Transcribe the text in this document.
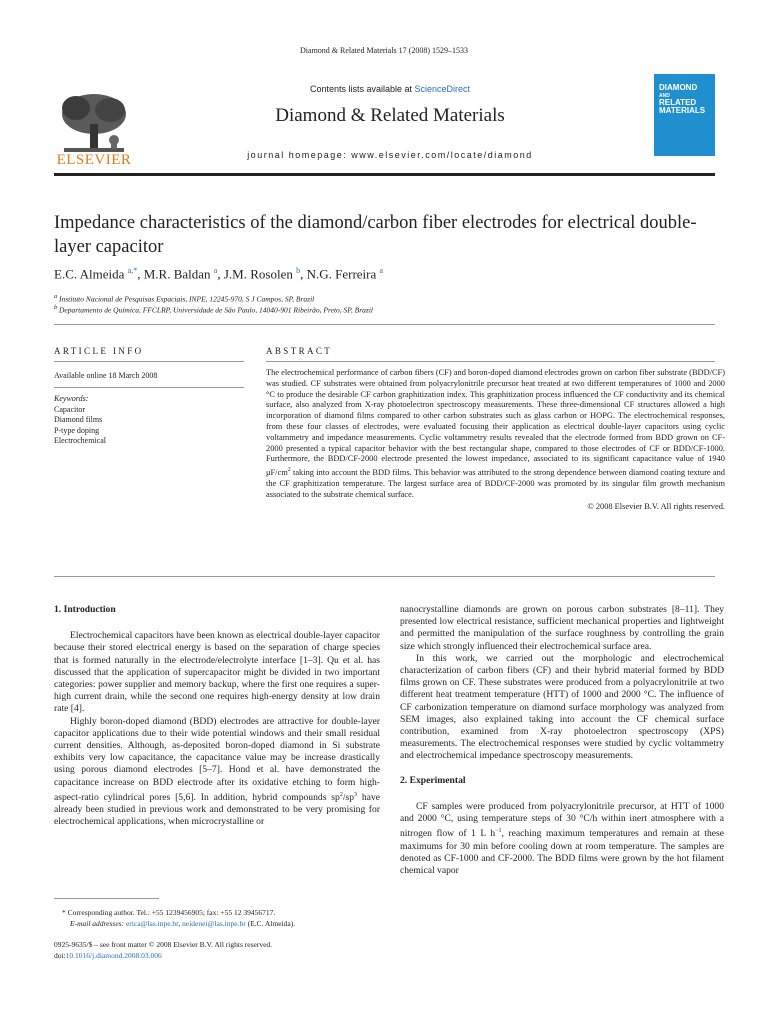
Diamond & Related Materials 17 (2008) 1529–1533
ELSEVIER
Contents lists available at ScienceDirect
Diamond & Related Materials
journal homepage: www.elsevier.com/locate/diamond
DIAMOND
AND
RELATED
MATERIALS
Impedance characteristics of the diamond/carbon fiber electrodes for electrical double-layer capacitor
E.C. Almeida $^{a,*}$, M.R. Baldan $^a$, J.M. Rosolen $^b$, N.G. Ferreira $^a$
$^a$ Instituto Nacional de Pesquisas Espaciais, INPE, 12245-970, S J Campos, SP, Brazil
$^b$ Departamento de Química, FFCLRP, Universidade de São Paulo, 14040-901 Ribeirão, Preto, SP, Brazil
ARTICLE INFO	ABSTRACT
Available online 18 March 2008
Keywords:
Capacitor
Diamond films
P-type doping
Electrochemical
The electrochemical performance of carbon fibers (CF) and boron-doped diamond electrodes grown on carbon fiber substrate (BDD/CF) was studied. CF substrates were obtained from polyacrylonitrile precursor heat treated at two different temperatures of 1000 and 2000 °C to produce the desirable CF carbon graphitization index. This graphitization process influenced the CF conductivity and its chemical surface, also analyzed from X-ray photoelectron spectroscopy measurements. These three-dimensional CF structures allowed a high incorporation of diamond films compared to other carbon substrates such as glass carbon or HOPG. The electrochemical responses, from these four classes of electrodes, were evaluated focusing their application as electrical double-layer capacitors using cyclic voltammetry and impedance measurements. Cyclic voltammetry results revealed that the electrode formed from BDD grown on CF-2000 presented a typical capacitor behavior with the best rectangular shape, compared to those electrodes of CF or BDD/CF-1000. Furthermore, the BDD/CF-2000 electrode presented the lowest impedance, associated to its significant capacitance value of 1940 $\mu F/cm^2$ taking into account the BDD films. This behavior was attributed to the strong dependence between diamond coating texture and the CF graphitization temperature. The largest surface area of BDD/CF-2000 was promoted by its singular film growth mechanism associated to the substrate chemical surface.
© 2008 Elsevier B.V. All rights reserved.
1. Introduction

Electrochemical capacitors have been known as electrical double-layer capacitor because their stored electrical energy is based on the separation of charge species that is formed naturally in the electrode/electrolyte interface [1–3]. Qu et al. has discussed that the application of supercapacitor might be divided in two important categories: power supplier and memory backup, where the first one requires a super-high current drain, while the second one requires high-energy density at low drain rate [4].

Highly boron-doped diamond (BDD) electrodes are attractive for double-layer capacitor applications due to their wide potential windows and their small residual current densities. Although, as-deposited boron-doped diamond in Si substrate exhibits very low capacitance, the capacitance value may be increase drastically using porous diamond electrodes [5–7]. Hond et al. have demonstrated the capacitance increase on BDD electrode after its oxidative etching to form high-aspect-ratio cylindrical pores [5,6]. In addition, hybrid compounds $sp^2/sp^3$ have already been studied in previous work and demonstrated to be very promising for electrochemical applications, when microcrystalline or

nanocrystalline diamonds are grown on porous carbon substrates [8–11]. They presented low electrical resistance, sufficient mechanical properties and lightweight and permitted the manipulation of the surface roughness by controlling the grain size which strongly influenced their electrochemical surface area.

In this work, we carried out the morphologic and electrochemical characterization of carbon fibers (CF) and their hybrid material formed by BDD films grown on CF. These substrates were produced from a polyacrylonitrile at two different heat treatment temperature (HTT) of 1000 and 2000 °C. The influence of CF carbonization temperature on diamond surface morphology was analyzed from SEM images, also explained taking into account the CF chemical surface contribution, examined from X-ray photoelectron spectroscopy (XPS) measurements. The electrochemical responses were studied by cyclic voltammetry and electrochemical impedance spectroscopy measurements.

2. Experimental

CF samples were produced from polyacrylonitrile precursor, at HTT of 1000 and 2000 °C, using temperature steps of 30 °C/h within inert atmosphere with a nitrogen flow of 1 L $h^{-1}$, reaching maximum temperatures and remain at these maximums for 30 min before cooling down at room temperature. The samples are denoted as CF-1000 and CF-2000. The BDD films were grown by the hot filament chemical vapor

* Corresponding author. Tel.: +55 1239456905; fax: +55 12 39456717.
E-mail addresses: erica@las.inpe.br, neidenei@las.inpe.br (E.C. Almeida).
0925-9635/$ – see front matter © 2008 Elsevier B.V. All rights reserved.
doi:10.1016/j.diamond.2008.03.006
